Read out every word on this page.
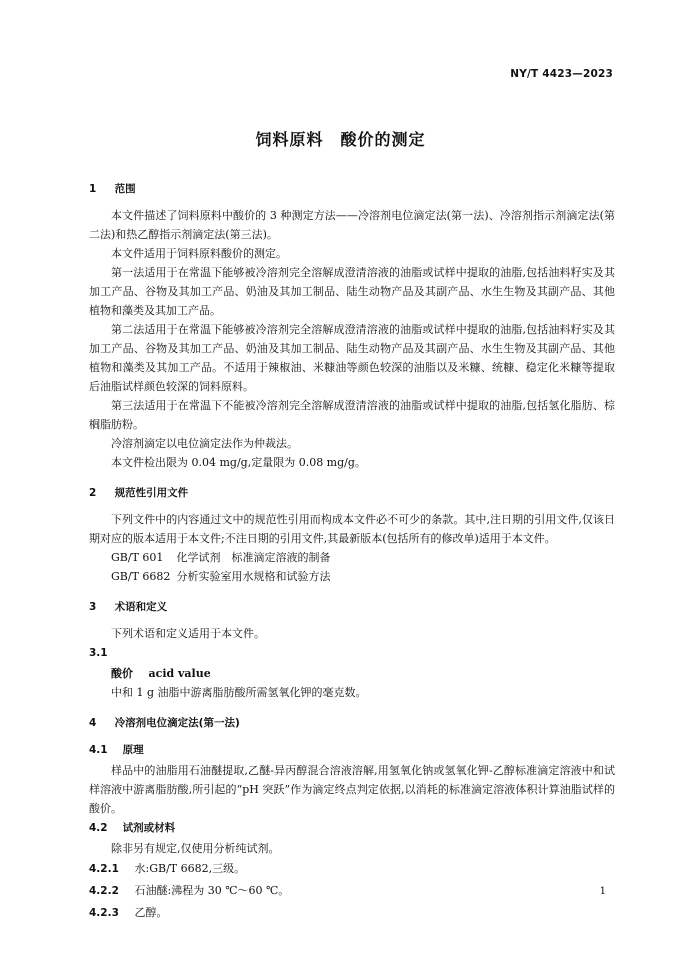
NY/T 4423—2023
饲料原料　酸价的测定
1 范围

本文件描述了饲料原料中酸价的 3 种测定方法——冷溶剂电位滴定法(第一法)、冷溶剂指示剂滴定法(第二法)和热乙醇指示剂滴定法(第三法)。

本文件适用于饲料原料酸价的测定。

第一法适用于在常温下能够被冷溶剂完全溶解成澄清溶液的油脂或试样中提取的油脂,包括油料籽实及其加工产品、谷物及其加工产品、奶油及其加工制品、陆生动物产品及其副产品、水生生物及其副产品、其他植物和藻类及其加工产品。

第二法适用于在常温下能够被冷溶剂完全溶解成澄清溶液的油脂或试样中提取的油脂,包括油料籽实及其加工产品、谷物及其加工产品、奶油及其加工制品、陆生动物产品及其副产品、水生生物及其副产品、其他植物和藻类及其加工产品。不适用于辣椒油、米糠油等颜色较深的油脂以及米糠、统糠、稳定化米糠等提取后油脂试样颜色较深的饲料原料。

第三法适用于在常温下不能被冷溶剂完全溶解成澄清溶液的油脂或试样中提取的油脂,包括氢化脂肪、棕榈脂肪粉。

冷溶剂滴定以电位滴定法作为仲裁法。

本文件检出限为 0.04 mg/g,定量限为 0.08 mg/g。

2 规范性引用文件

下列文件中的内容通过文中的规范性引用而构成本文件必不可少的条款。其中,注日期的引用文件,仅该日期对应的版本适用于本文件;不注日期的引用文件,其最新版本(包括所有的修改单)适用于本文件。

GB/T 601 化学试剂　标准滴定溶液的制备
GB/T 6682 分析实验室用水规格和试验方法
3 术语和定义

下列术语和定义适用于本文件。

3.1
酸价 acid value

中和 1 g 油脂中游离脂肪酸所需氢氧化钾的毫克数。

4 冷溶剂电位滴定法(第一法)
4.1 原理

样品中的油脂用石油醚提取,乙醚-异丙醇混合溶液溶解,用氢氧化钠或氢氧化钾-乙醇标准滴定溶液中和试样溶液中游离脂肪酸,所引起的“pH 突跃”作为滴定终点判定依据,以消耗的标准滴定溶液体积计算油脂试样的酸价。

4.2 试剂或材料

除非另有规定,仅使用分析纯试剂。

4.2.1 水:GB/T 6682,三级。
4.2.2 石油醚:沸程为 30 ℃～60 ℃。
4.2.3 乙醇。
1
